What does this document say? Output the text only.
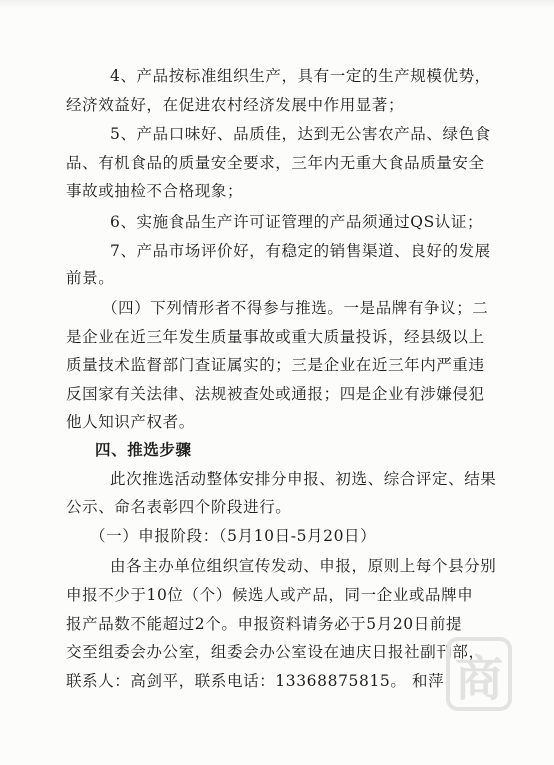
4、产品按标准组织生产，具有一定的生产规模优势，
经济效益好，在促进农村经济发展中作用显著；
5、产品口味好、品质佳，达到无公害农产品、绿色食
品、有机食品的质量安全要求，三年内无重大食品质量安全
事故或抽检不合格现象；
6、实施食品生产许可证管理的产品须通过QS认证；
7、产品市场评价好，有稳定的销售渠道、良好的发展
前景。
（四）下列情形者不得参与推选。一是品牌有争议；二
是企业在近三年发生质量事故或重大质量投诉，经县级以上
质量技术监督部门查证属实的；三是企业在近三年内严重违
反国家有关法律、法规被查处或通报；四是企业有涉嫌侵犯
他人知识产权者。
四、推选步骤
此次推选活动整体安排分申报、初选、综合评定、结果
公示、命名表彰四个阶段进行。
（一）申报阶段：（5月10日-5月20日）
由各主办单位组织宣传发动、申报，原则上每个县分别
申报不少于10位（个）候选人或产品，同一企业或品牌申
报产品数不能超过2个。申报资料请务必于5月20日前提
交至组委会办公室，组委会办公室设在迪庆日报社副刊部，
联系人：高剑平，联系电话：13368875815。 和萍：
商
